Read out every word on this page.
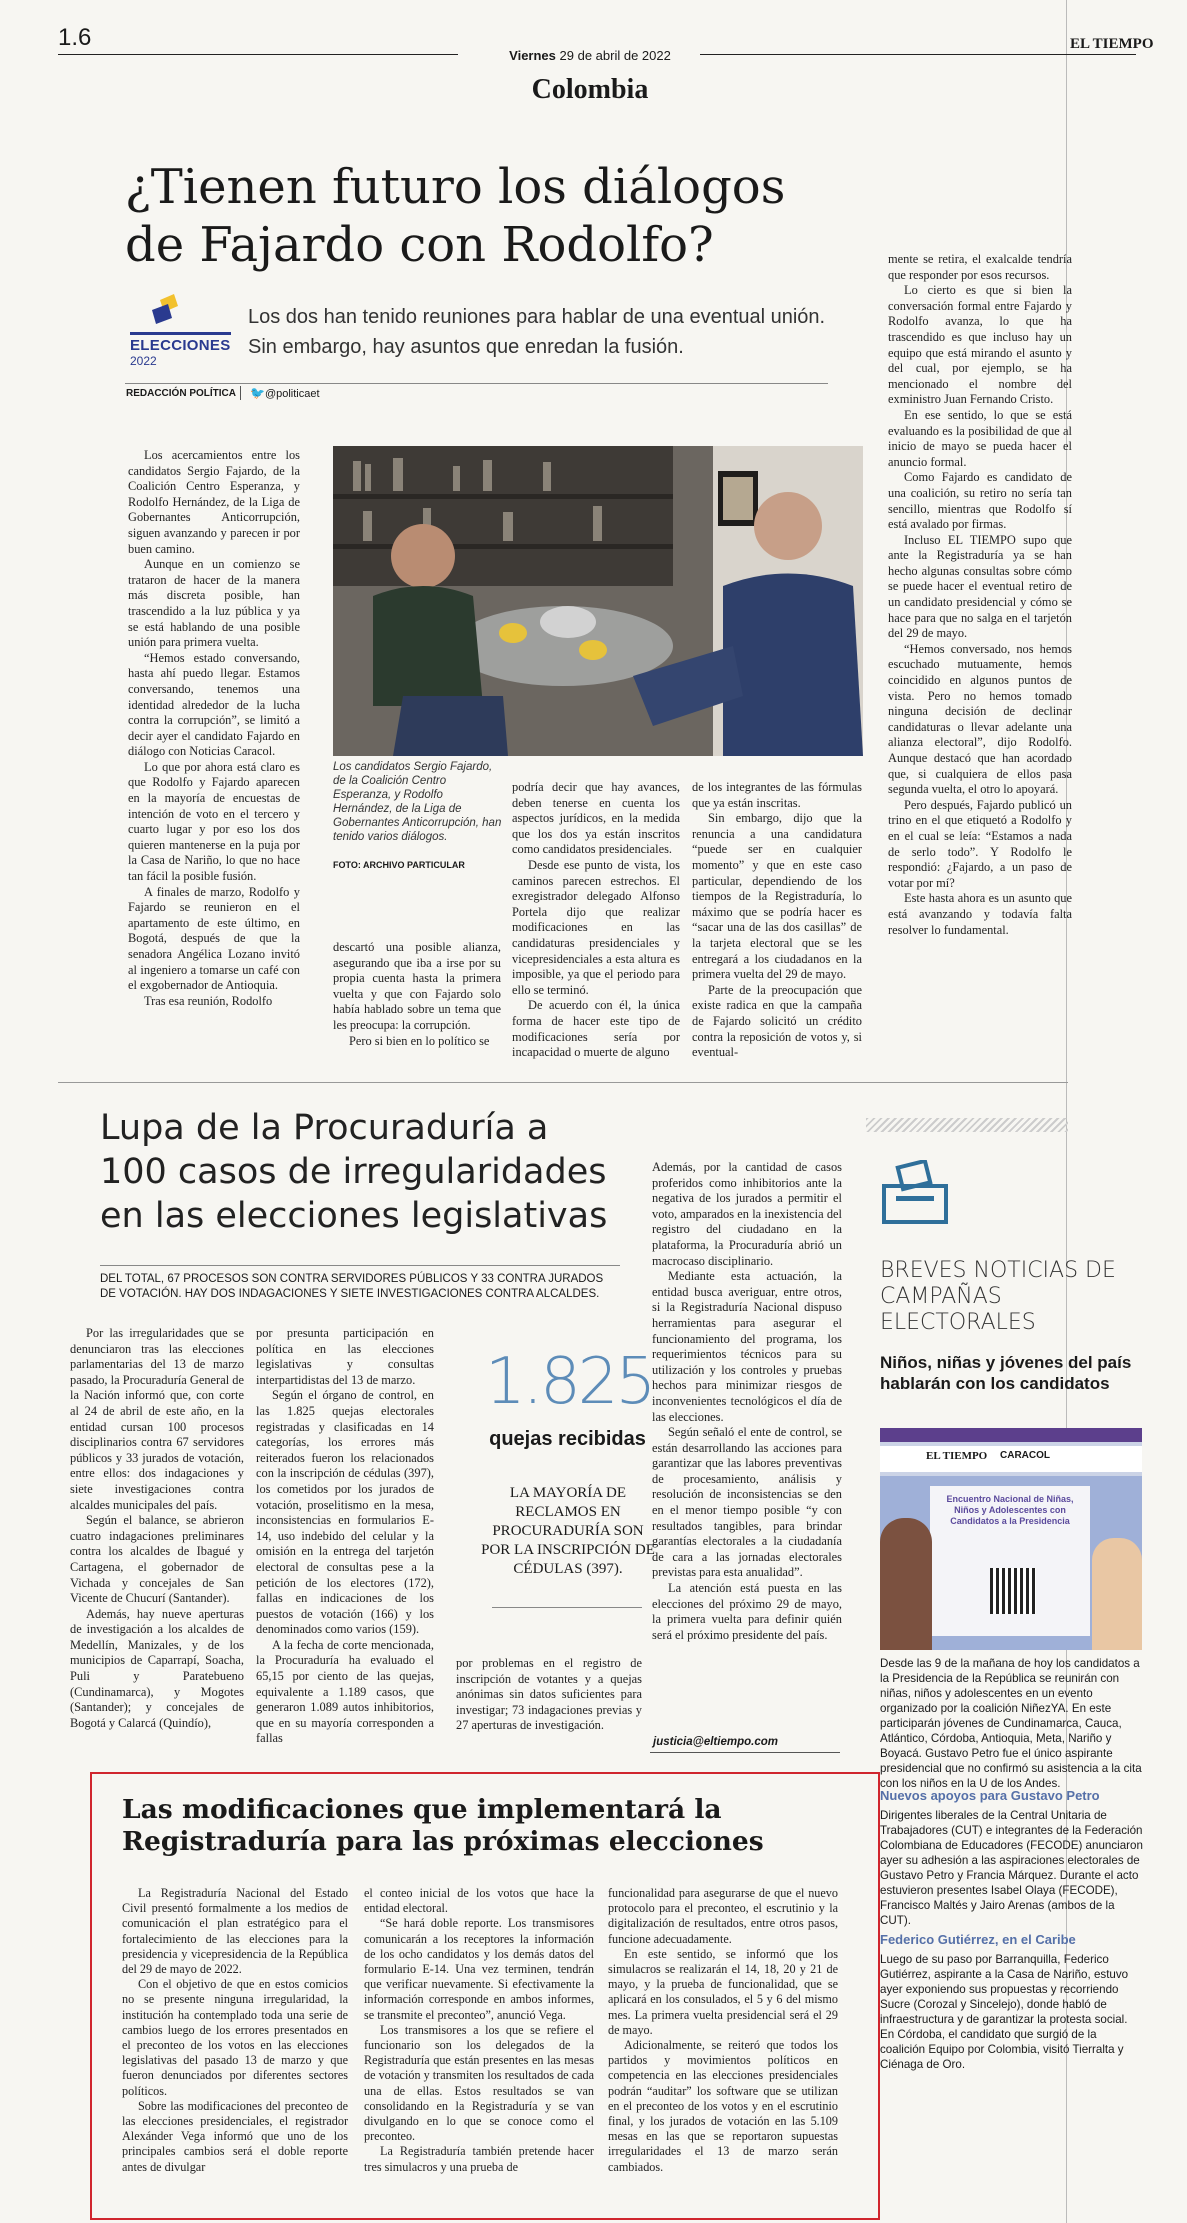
1.6
Viernes 29 de abril de 2022
EL TIEMPO
Colombia
¿Tienen futuro los diálogos de Fajardo con Rodolfo?
ELECCIONES
2022
Los dos han tenido reuniones para hablar de una eventual unión. Sin embargo, hay asuntos que enredan la fusión.
REDACCIÓN POLÍTICA 🐦@politicaet
Los candidatos Sergio Fajardo, de la Coalición Centro Esperanza, y Rodolfo Hernández, de la Liga de Gobernantes Anticorrupción, han tenido varios diálogos.
FOTO: ARCHIVO PARTICULAR

Los acercamientos entre los candidatos Sergio Fajardo, de la Coalición Centro Esperanza, y Rodolfo Hernández, de la Liga de Gobernantes Anticorrupción, siguen avanzando y parecen ir por buen camino.

Aunque en un comienzo se trataron de hacer de la manera más discreta posible, han trascendido a la luz pública y ya se está hablando de una posible unión para primera vuelta.

“Hemos estado conversando, hasta ahí puedo llegar. Estamos conversando, tenemos una identidad alrededor de la lucha contra la corrupción”, se limitó a decir ayer el candidato Fajardo en diálogo con Noticias Caracol.

Lo que por ahora está claro es que Rodolfo y Fajardo aparecen en la mayoría de encuestas de intención de voto en el tercero y cuarto lugar y por eso los dos quieren mantenerse en la puja por la Casa de Nariño, lo que no hace tan fácil la posible fusión.

A finales de marzo, Rodolfo y Fajardo se reunieron en el apartamento de este último, en Bogotá, después de que la senadora Angélica Lozano invitó al ingeniero a tomarse un café con el exgobernador de Antioquia.

Tras esa reunión, Rodolfo

descartó una posible alianza, asegurando que iba a irse por su propia cuenta hasta la primera vuelta y que con Fajardo solo había hablado sobre un tema que les preocupa: la corrupción.

Pero si bien en lo político se

podría decir que hay avances, deben tenerse en cuenta los aspectos jurídicos, en la medida que los dos ya están inscritos como candidatos presidenciales.

Desde ese punto de vista, los caminos parecen estrechos. El exregistrador delegado Alfonso Portela dijo que realizar modificaciones en las candidaturas presidenciales y vicepresidenciales a esta altura es imposible, ya que el periodo para ello se terminó.

De acuerdo con él, la única forma de hacer este tipo de modificaciones sería por incapacidad o muerte de alguno

de los integrantes de las fórmulas que ya están inscritas.

Sin embargo, dijo que la renuncia a una candidatura “puede ser en cualquier momento” y que en este caso particular, dependiendo de los tiempos de la Registraduría, lo máximo que se podría hacer es “sacar una de las dos casillas” de la tarjeta electoral que se les entregará a los ciudadanos en la primera vuelta del 29 de mayo.

Parte de la preocupación que existe radica en que la campaña de Fajardo solicitó un crédito contra la reposición de votos y, si eventual-

mente se retira, el exalcalde tendría que responder por esos recursos.

Lo cierto es que si bien la conversación formal entre Fajardo y Rodolfo avanza, lo que ha trascendido es que incluso hay un equipo que está mirando el asunto y del cual, por ejemplo, se ha mencionado el nombre del exministro Juan Fernando Cristo.

En ese sentido, lo que se está evaluando es la posibilidad de que al inicio de mayo se pueda hacer el anuncio formal.

Como Fajardo es candidato de una coalición, su retiro no sería tan sencillo, mientras que Rodolfo sí está avalado por firmas.

Incluso EL TIEMPO supo que ante la Registraduría ya se han hecho algunas consultas sobre cómo se puede hacer el eventual retiro de un candidato presidencial y cómo se hace para que no salga en el tarjetón del 29 de mayo.

“Hemos conversado, nos hemos escuchado mutuamente, hemos coincidido en algunos puntos de vista. Pero no hemos tomado ninguna decisión de declinar candidaturas o llevar adelante una alianza electoral”, dijo Rodolfo. Aunque destacó que han acordado que, si cualquiera de ellos pasa segunda vuelta, el otro lo apoyará.

Pero después, Fajardo publicó un trino en el que etiquetó a Rodolfo y en el cual se leía: “Estamos a nada de serlo todo”. Y Rodolfo le respondió: ¿Fajardo, a un paso de votar por mí?

Este hasta ahora es un asunto que está avanzando y todavía falta resolver lo fundamental.

Lupa de la Procuraduría a 100 casos de irregularidades en las elecciones legislativas
DEL TOTAL, 67 PROCESOS SON CONTRA SERVIDORES PÚBLICOS Y 33 CONTRA JURADOS DE VOTACIÓN. HAY DOS INDAGACIONES Y SIETE INVESTIGACIONES CONTRA ALCALDES.

Por las irregularidades que se denunciaron tras las elecciones parlamentarias del 13 de marzo pasado, la Procuraduría General de la Nación informó que, con corte al 24 de abril de este año, en la entidad cursan 100 procesos disciplinarios contra 67 servidores públicos y 33 jurados de votación, entre ellos: dos indagaciones y siete investigaciones contra alcaldes municipales del país.

Según el balance, se abrieron cuatro indagaciones preliminares contra los alcaldes de Ibagué y Cartagena, el gobernador de Vichada y concejales de San Vicente de Chucurí (Santander).

Además, hay nueve aperturas de investigación a los alcaldes de Medellín, Manizales, y de los municipios de Caparrapí, Soacha, Puli y Paratebueno (Cundinamarca), y Mogotes (Santander); y concejales de Bogotá y Calarcá (Quindío),

por presunta participación en política en las elecciones legislativas y consultas interpartidistas del 13 de marzo.

Según el órgano de control, en las 1.825 quejas electorales registradas y clasificadas en 14 categorías, los errores más reiterados fueron los relacionados con la inscripción de cédulas (397), los cometidos por los jurados de votación, proselitismo en la mesa, inconsistencias en formularios E-14, uso indebido del celular y la omisión en la entrega del tarjetón electoral de consultas pese a la petición de los electores (172), fallas en indicaciones de los puestos de votación (166) y los denominados como varios (159).

A la fecha de corte mencionada, la Procuraduría ha evaluado el 65,15 por ciento de las quejas, equivalente a 1.189 casos, que generaron 1.089 autos inhibitorios, que en su mayoría corresponden a fallas

por problemas en el registro de inscripción de votantes y a quejas anónimas sin datos suficientes para investigar; 73 indagaciones previas y 27 aperturas de investigación.

Además, por la cantidad de casos proferidos como inhibitorios ante la negativa de los jurados a permitir el voto, amparados en la inexistencia del registro del ciudadano en la plataforma, la Procuraduría abrió un macrocaso disciplinario.

Mediante esta actuación, la entidad busca averiguar, entre otros, si la Registraduría Nacional dispuso herramientas para asegurar el funcionamiento del programa, los requerimientos técnicos para su utilización y los controles y pruebas hechos para minimizar riesgos de inconvenientes tecnológicos el día de las elecciones.

Según señaló el ente de control, se están desarrollando las acciones para garantizar que las labores preventivas de procesamiento, análisis y resolución de inconsistencias se den en el menor tiempo posible “y con resultados tangibles, para brindar garantías electorales a la ciudadanía de cara a las jornadas electorales previstas para esta anualidad”.

La atención está puesta en las elecciones del próximo 29 de mayo, la primera vuelta para definir quién será el próximo presidente del país.

1.825
quejas recibidas
LA MAYORÍA DE RECLAMOS EN PROCURADURÍA SON POR LA INSCRIPCIÓN DE CÉDULAS (397).
justicia@eltiempo.com
BREVES NOTICIAS DE CAMPAÑAS ELECTORALES
Niños, niñas y jóvenes del país hablarán con los candidatos
EL TIEMPO CARACOL
Encuentro Nacional de Niñas, Niños y Adolescentes con Candidatos a la Presidencia
Desde las 9 de la mañana de hoy los candidatos a la Presidencia de la República se reunirán con niñas, niños y adolescentes en un evento organizado por la coalición NiñezYA. En este participarán jóvenes de Cundinamarca, Cauca, Atlántico, Córdoba, Antioquia, Meta, Nariño y Boyacá. Gustavo Petro fue el único aspirante presidencial que no confirmó su asistencia a la cita con los niños en la U de los Andes.
Nuevos apoyos para Gustavo Petro
Dirigentes liberales de la Central Unitaria de Trabajadores (CUT) e integrantes de la Federación Colombiana de Educadores (FECODE) anunciaron ayer su adhesión a las aspiraciones electorales de Gustavo Petro y Francia Márquez. Durante el acto estuvieron presentes Isabel Olaya (FECODE), Francisco Maltés y Jairo Arenas (ambos de la CUT).
Federico Gutiérrez, en el Caribe
Luego de su paso por Barranquilla, Federico Gutiérrez, aspirante a la Casa de Nariño, estuvo ayer exponiendo sus propuestas y recorriendo Sucre (Corozal y Sincelejo), donde habló de infraestructura y de garantizar la protesta social. En Córdoba, el candidato que surgió de la coalición Equipo por Colombia, visitó Tierralta y Ciénaga de Oro.
Las modificaciones que implementará la Registraduría para las próximas elecciones

La Registraduría Nacional del Estado Civil presentó formalmente a los medios de comunicación el plan estratégico para el fortalecimiento de las elecciones para la presidencia y vicepresidencia de la República del 29 de mayo de 2022.

Con el objetivo de que en estos comicios no se presente ninguna irregularidad, la institución ha contemplado toda una serie de cambios luego de los errores presentados en el preconteo de los votos en las elecciones legislativas del pasado 13 de marzo y que fueron denunciados por diferentes sectores políticos.

Sobre las modificaciones del preconteo de las elecciones presidenciales, el registrador Alexánder Vega informó que uno de los principales cambios será el doble reporte antes de divulgar

el conteo inicial de los votos que hace la entidad electoral.

“Se hará doble reporte. Los transmisores comunicarán a los receptores la información de los ocho candidatos y los demás datos del formulario E-14. Una vez terminen, tendrán que verificar nuevamente. Si efectivamente la información corresponde en ambos informes, se transmite el preconteo”, anunció Vega.

Los transmisores a los que se refiere el funcionario son los delegados de la Registraduría que están presentes en las mesas de votación y transmiten los resultados de cada una de ellas. Estos resultados se van consolidando en la Registraduría y se van divulgando en lo que se conoce como el preconteo.

La Registraduría también pretende hacer tres simulacros y una prueba de

funcionalidad para asegurarse de que el nuevo protocolo para el preconteo, el escrutinio y la digitalización de resultados, entre otros pasos, funcione adecuadamente.

En este sentido, se informó que los simulacros se realizarán el 14, 18, 20 y 21 de mayo, y la prueba de funcionalidad, que se aplicará en los consulados, el 5 y 6 del mismo mes. La primera vuelta presidencial será el 29 de mayo.

Adicionalmente, se reiteró que todos los partidos y movimientos políticos en competencia en las elecciones presidenciales podrán “auditar” los software que se utilizan en el preconteo de los votos y en el escrutinio final, y los jurados de votación en las 5.109 mesas en las que se reportaron supuestas irregularidades el 13 de marzo serán cambiados.
